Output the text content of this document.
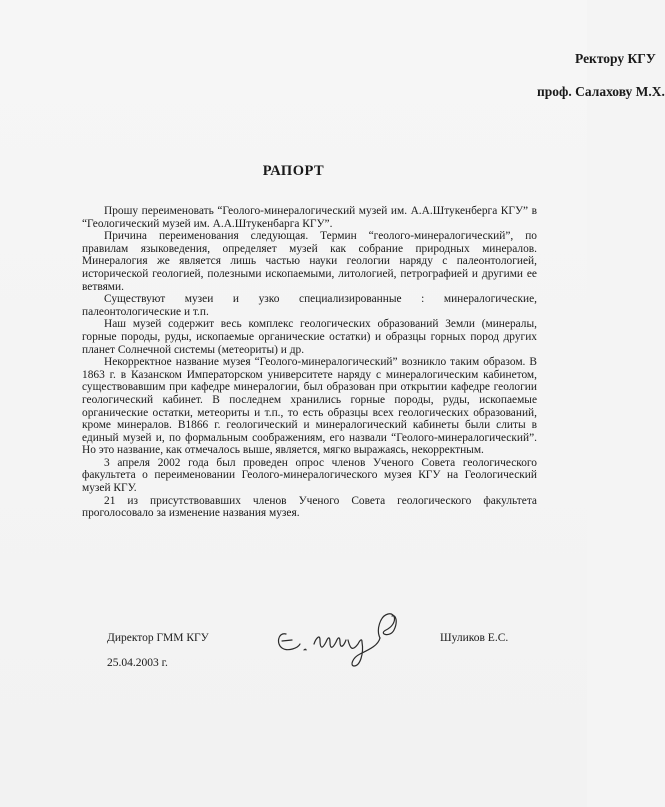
Ректору КГУ
проф. Салахову М.Х.
РАПОРТ

Прошу переименовать “Геолого-минералогический музей им. А.А.Штукенберга КГУ” в “Геологический музей им. А.А.Штукенбарга КГУ”.

Причина переименования следующая. Термин “геолого-минералогический”, по правилам языковедения, определяет музей как собрание природных минералов. Минералогия же является лишь частью науки геологии наряду с палеонтологией, исторической геологией, полезными ископаемыми, литологией, петрографией и другими ее ветвями.

Существуют музеи и узко специализированные : минералогические, палеонтологические и т.п.

Наш музей содержит весь комплекс геологических образований Земли (минералы, горные породы, руды, ископаемые органические остатки) и образцы горных пород других планет Солнечной системы (метеориты) и др.

Некорректное название музея “Геолого-минералогический” возникло таким образом. В 1863 г. в Казанском Императорском университете наряду с минералогическим кабинетом, существовавшим при кафедре минералогии, был образован при открытии кафедре геологии геологический кабинет. В последнем хранились горные породы, руды, ископаемые органические остатки, метеориты и т.п., то есть образцы всех геологических образований, кроме минералов. В1866 г. геологический и минералогический кабинеты были слиты в единый музей и, по формальным соображениям, его назвали “Геолого-минералогический”. Но это название, как отмечалось выше, является, мягко выражаясь, некорректным.

3 апреля 2002 года был проведен опрос членов Ученого Совета геологического факультета о переименовании Геолого-минералогического музея КГУ на Геологический музей КГУ.

21 из присутствовавших членов Ученого Совета геологического факультета проголосовало за изменение названия музея.

Директор ГММ КГУ
25.04.2003 г.
Шуликов Е.С.
